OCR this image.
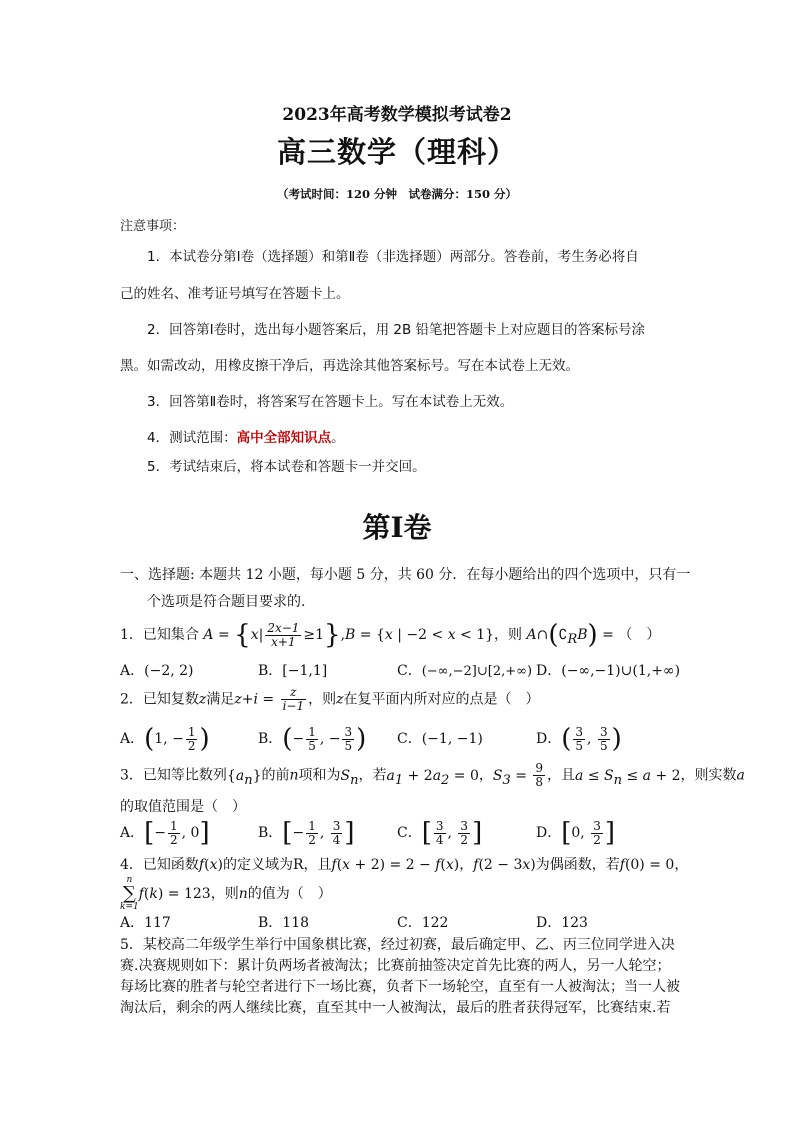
2023年高考数学模拟考试卷2
高三数学（理科）
（考试时间：120 分钟　试卷满分：150 分）
注意事项：
1．本试卷分第Ⅰ卷（选择题）和第Ⅱ卷（非选择题）两部分。答卷前，考生务必将自
己的姓名、准考证号填写在答题卡上。
2．回答第Ⅰ卷时，选出每小题答案后，用 2B 铅笔把答题卡上对应题目的答案标号涂
黑。如需改动，用橡皮擦干净后，再选涂其他答案标号。写在本试卷上无效。
3．回答第Ⅱ卷时，将答案写在答题卡上。写在本试卷上无效。
4．测试范围：高中全部知识点。
5．考试结束后，将本试卷和答题卡一并交回。
第Ⅰ卷
一、选择题: 本题共 12 小题，每小题 5 分，共 60 分．在每小题给出的四个选项中，只有一
个选项是符合题目要求的.
1．已知集合 $A = \{x| \frac{2x-1}{x+1} \ge 1\},B = \{x$ | −2 < x < 1}，则 $A\cap(∁_RB)$ = （　）
A．(−2, 2)	B．[−1,1]	C．(−∞,−2]∪[2,+∞) D．(−∞,−1)∪(1,+∞)
2．已知复数z满足$z+i = \frac{z}{i-1}$ ，则z在复平面内所对应的点是（　）
A．(1, − $\frac{1}{2}$ )	B．(− $\frac{1}{5}$ , − $\frac{3}{5}$ ) C．(−1, −1)	D．( $\frac{3}{5}$ , $\frac{3}{5}$ )
3．已知等比数列$\{a_n\}$的前n项和为$S_n$，若$a_1 + 2a_2 = 0$，$S_3 = \frac{9}{8}$ ，且$a \le S_n \le a + 2$，则实数a
的取值范围是（　）
A．[− $\frac{1}{2}$ , 0]	B．[− $\frac{1}{2}$ , $\frac{3}{4}$ ]	C．[ $\frac{3}{4}$ , $\frac{3}{2}$ ]	D．[0, $\frac{3}{2}$ ]
4．已知函数f(x)的定义域为R，且f(x + 2) = 2 − f(x)，f(2 − 3x)为偶函数，若f(0) = 0，
n
∑
k=1f(k) = 123，则n的值为（　）
A．117	B．118	C．122	D．123
5．某校高二年级学生举行中国象棋比赛，经过初赛，最后确定甲、乙、丙三位同学进入决
赛.决赛规则如下：累计负两场者被淘汰；比赛前抽签决定首先比赛的两人，另一人轮空；
每场比赛的胜者与轮空者进行下一场比赛，负者下一场轮空，直至有一人被淘汰；当一人被
淘汰后，剩余的两人继续比赛，直至其中一人被淘汰，最后的胜者获得冠军，比赛结束.若
